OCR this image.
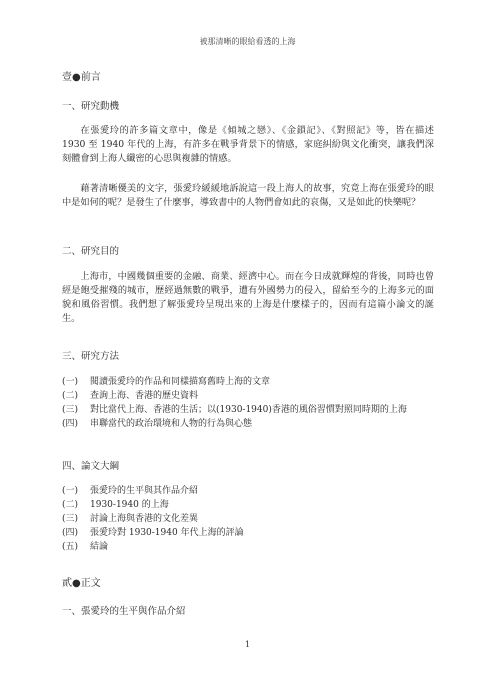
被那清晰的眼給看透的上海
壹●前言
一、研究動機

在張愛玲的許多篇文章中，像是《傾城之戀》、《金鎖記》、《對照記》等，皆在描述 1930 至 1940 年代的上海，有許多在戰爭背景下的情感，家庭糾紛與文化衝突，讓我們深刻體會到上海人纖密的心思與複雜的情感。

藉著清晰優美的文字，張愛玲緩緩地訴說這一段上海人的故事，究竟上海在張愛玲的眼中是如何的呢？是發生了什麼事，導致書中的人物們會如此的哀傷，又是如此的快樂呢？

二、研究目的

上海市，中國幾個重要的金融、商業、經濟中心。而在今日成就輝煌的背後，同時也曾經是飽受摧殘的城市，歷經過無數的戰爭，遭有外國勢力的侵入，留給至今的上海多元的面貌和風俗習慣。我們想了解張愛玲呈現出來的上海是什麼樣子的，因而有這篇小論文的誕生。

三、研究方法
(一)	閱讀張愛玲的作品和同樣描寫舊時上海的文章
(二)	查詢上海、香港的歷史資料
(三)	對比當代上海、香港的生活；以(1930-1940)香港的風俗習慣對照同時期的上海
(四)	串聯當代的政治環境和人物的行為與心態
四、論文大綱
(一)	張愛玲的生平與其作品介紹
(二)	1930-1940 的上海
(三)	討論上海與香港的文化差異
(四)	張愛玲對 1930-1940 年代上海的評論
(五)	結論
貳●正文
一、張愛玲的生平與作品介紹
1
